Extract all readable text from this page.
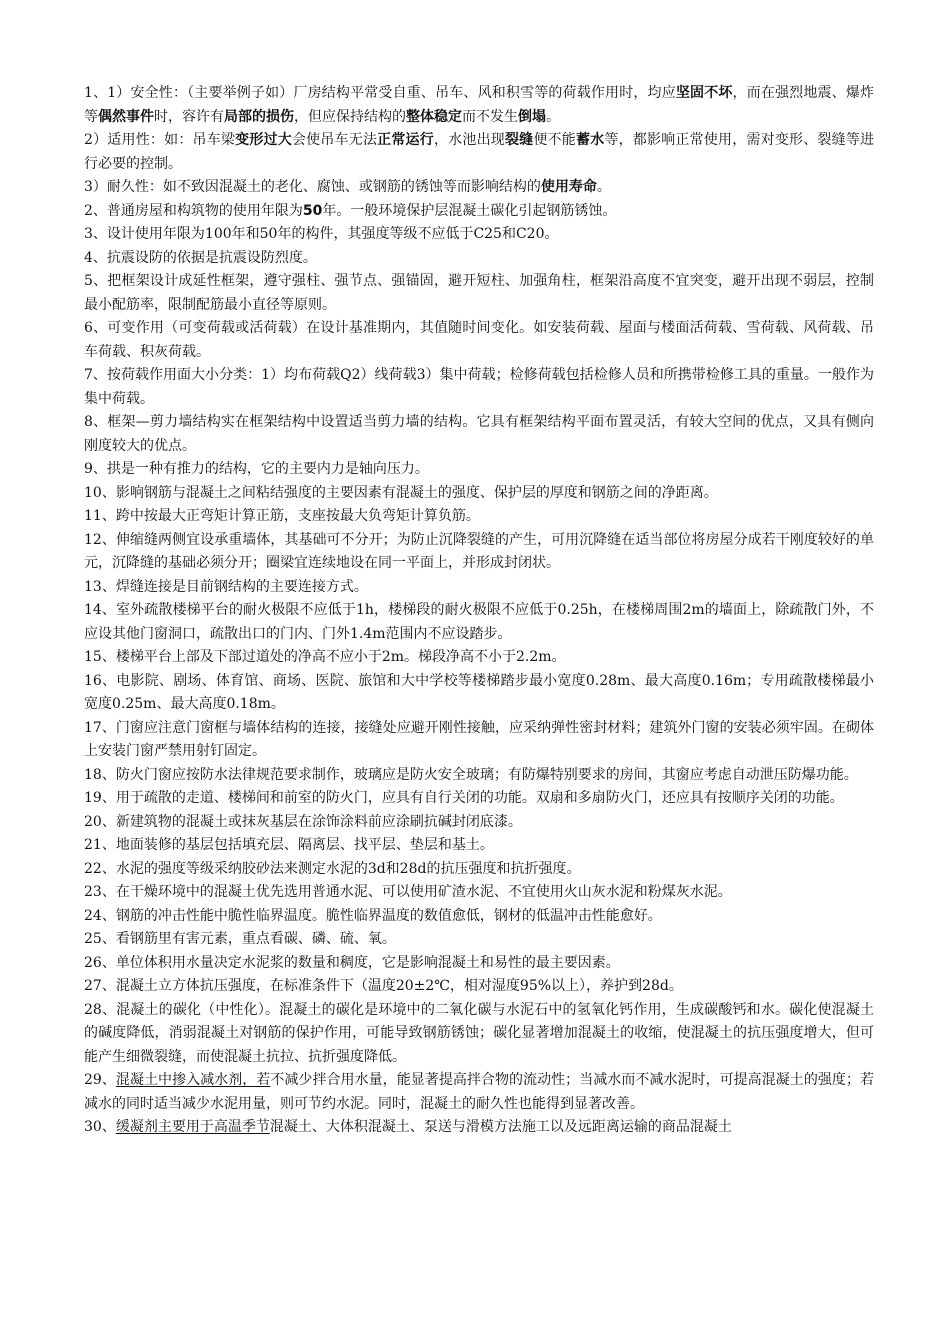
1、1）安全性：（主要举例子如）厂房结构平常受自重、吊车、风和积雪等的荷载作用时，均应坚固不坏，而在强烈地震、爆炸等偶然事件时，容许有局部的损伤，但应保持结构的整体稳定而不发生倒塌。

2）适用性：如：吊车梁变形过大会使吊车无法正常运行，水池出现裂缝便不能蓄水等，都影响正常使用，需对变形、裂缝等进行必要的控制。

3）耐久性：如不致因混凝土的老化、腐蚀、或钢筋的锈蚀等而影响结构的使用寿命。

2、普通房屋和构筑物的使用年限为50年。一般环境保护层混凝土碳化引起钢筋锈蚀。

3、设计使用年限为100年和50年的构件，其强度等级不应低于C25和C20。

4、抗震设防的依据是抗震设防烈度。

5、把框架设计成延性框架，遵守强柱、强节点、强锚固，避开短柱、加强角柱，框架沿高度不宜突变，避开出现不弱层，控制最小配筋率，限制配筋最小直径等原则。

6、可变作用（可变荷载或活荷载）在设计基准期内，其值随时间变化。如安装荷载、屋面与楼面活荷载、雪荷载、风荷载、吊车荷载、积灰荷载。

7、按荷载作用面大小分类：1）均布荷载Q2）线荷载3）集中荷载；检修荷载包括检修人员和所携带检修工具的重量。一般作为集中荷载。

8、框架—剪力墙结构实在框架结构中设置适当剪力墙的结构。它具有框架结构平面布置灵活，有较大空间的优点，又具有侧向刚度较大的优点。

9、拱是一种有推力的结构，它的主要内力是轴向压力。

10、影响钢筋与混凝土之间粘结强度的主要因素有混凝土的强度、保护层的厚度和钢筋之间的净距离。

11、跨中按最大正弯矩计算正筋，支座按最大负弯矩计算负筋。

12、伸缩缝两侧宜设承重墙体，其基础可不分开；为防止沉降裂缝的产生，可用沉降缝在适当部位将房屋分成若干刚度较好的单元，沉降缝的基础必须分开；圈梁宜连续地设在同一平面上，并形成封闭状。

13、焊缝连接是目前钢结构的主要连接方式。

14、室外疏散楼梯平台的耐火极限不应低于1h，楼梯段的耐火极限不应低于0.25h，在楼梯周围2m的墙面上，除疏散门外，不应设其他门窗洞口，疏散出口的门内、门外1.4m范围内不应设踏步。

15、楼梯平台上部及下部过道处的净高不应小于2m。梯段净高不小于2.2m。

16、电影院、剧场、体育馆、商场、医院、旅馆和大中学校等楼梯踏步最小宽度0.28m、最大高度0.16m；专用疏散楼梯最小宽度0.25m、最大高度0.18m。

17、门窗应注意门窗框与墙体结构的连接，接缝处应避开刚性接触，应采纳弹性密封材料；建筑外门窗的安装必须牢固。在砌体上安装门窗严禁用射钉固定。

18、防火门窗应按防水法律规范要求制作，玻璃应是防火安全玻璃；有防爆特别要求的房间，其窗应考虑自动泄压防爆功能。

19、用于疏散的走道、楼梯间和前室的防火门，应具有自行关闭的功能。双扇和多扇防火门，还应具有按顺序关闭的功能。

20、新建筑物的混凝土或抹灰基层在涂饰涂料前应涂刷抗碱封闭底漆。

21、地面装修的基层包括填充层、隔离层、找平层、垫层和基土。

22、水泥的强度等级采纳胶砂法来测定水泥的3d和28d的抗压强度和抗折强度。

23、在干燥环境中的混凝土优先选用普通水泥、可以使用矿渣水泥、不宜使用火山灰水泥和粉煤灰水泥。

24、钢筋的冲击性能中脆性临界温度。脆性临界温度的数值愈低，钢材的低温冲击性能愈好。

25、看钢筋里有害元素，重点看碳、磷、硫、氧。

26、单位体积用水量决定水泥浆的数量和稠度，它是影响混凝土和易性的最主要因素。

27、混凝土立方体抗压强度，在标准条件下（温度20±2℃，相对湿度95%以上），养护到28d。

28、混凝土的碳化（中性化）。混凝土的碳化是环境中的二氧化碳与水泥石中的氢氧化钙作用，生成碳酸钙和水。碳化使混凝土的碱度降低，消弱混凝土对钢筋的保护作用，可能导致钢筋锈蚀；碳化显著增加混凝土的收缩，使混凝土的抗压强度增大，但可能产生细微裂缝，而使混凝土抗拉、抗折强度降低。

29、混凝土中掺入减水剂，若不减少拌合用水量，能显著提高拌合物的流动性；当减水而不减水泥时，可提高混凝土的强度；若减水的同时适当减少水泥用量，则可节约水泥。同时，混凝土的耐久性也能得到显著改善。

30、缓凝剂主要用于高温季节混凝土、大体积混凝土、泵送与滑模方法施工以及远距离运输的商品混凝土
